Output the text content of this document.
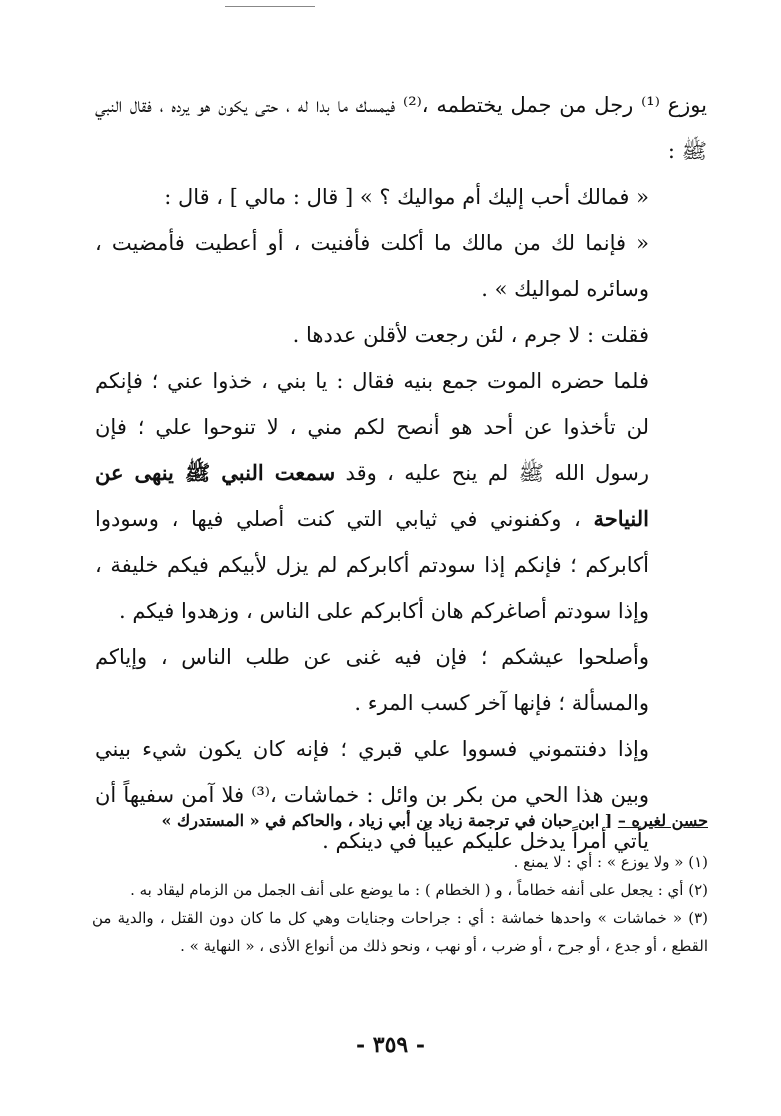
يوزع ⁽¹⁾ رجل من جمل يختطمه ،⁽²⁾ فيمسك ما بدا له ، حتى يكون هو يرده ، فقال النبي ﷺ :

« فمالك أحب إليك أم مواليك ؟ » [ قال : مالي ] ، قال :

« فإنما لك من مالك ما أكلت فأفنيت ، أو أعطيت فأمضيت ، وسائره لمواليك » .

فقلت : لا جرم ، لئن رجعت لأقلن عددها .

فلما حضره الموت جمع بنيه فقال : يا بني ، خذوا عني ؛ فإنكم لن تأخذوا عن أحد هو أنصح لكم مني ، لا تنوحوا علي ؛ فإن رسول الله ﷺ لم ينح عليه ، وقد سمعت النبي ﷺ ينهى عن النياحة ، وكفنوني في ثيابي التي كنت أصلي فيها ، وسودوا أكابركم ؛ فإنكم إذا سودتم أكابركم لم يزل لأبيكم فيكم خليفة ، وإذا سودتم أصاغركم هان أكابركم على الناس ، وزهدوا فيكم .

وأصلحوا عيشكم ؛ فإن فيه غنى عن طلب الناس ، وإياكم والمسألة ؛ فإنها آخر كسب المرء .

وإذا دفنتموني فسووا علي قبري ؛ فإنه كان يكون شيء بيني وبين هذا الحي من بكر بن وائل : خماشات ،⁽³⁾ فلا آمن سفيهاً أن يأتي أمراً يدخل عليكم عيباً في دينكم .

حسن لغيره – [ ابن حبان في ترجمة زياد بن أبي زياد ، والحاكم في « المستدرك »

(١) « ولا يوزع » : أي : لا يمنع .

(٢) أي : يجعل على أنفه خطاماً ، و ( الخطام ) : ما يوضع على أنف الجمل من الزمام ليقاد به .

(٣) « خماشات » واحدها خماشة : أي : جراحات وجنايات وهي كل ما كان دون القتل ، والدية من القطع ، أو جدع ، أو جرح ، أو ضرب ، أو نهب ، ونحو ذلك من أنواع الأذى ، « النهاية » .

- ٣٥٩ -
